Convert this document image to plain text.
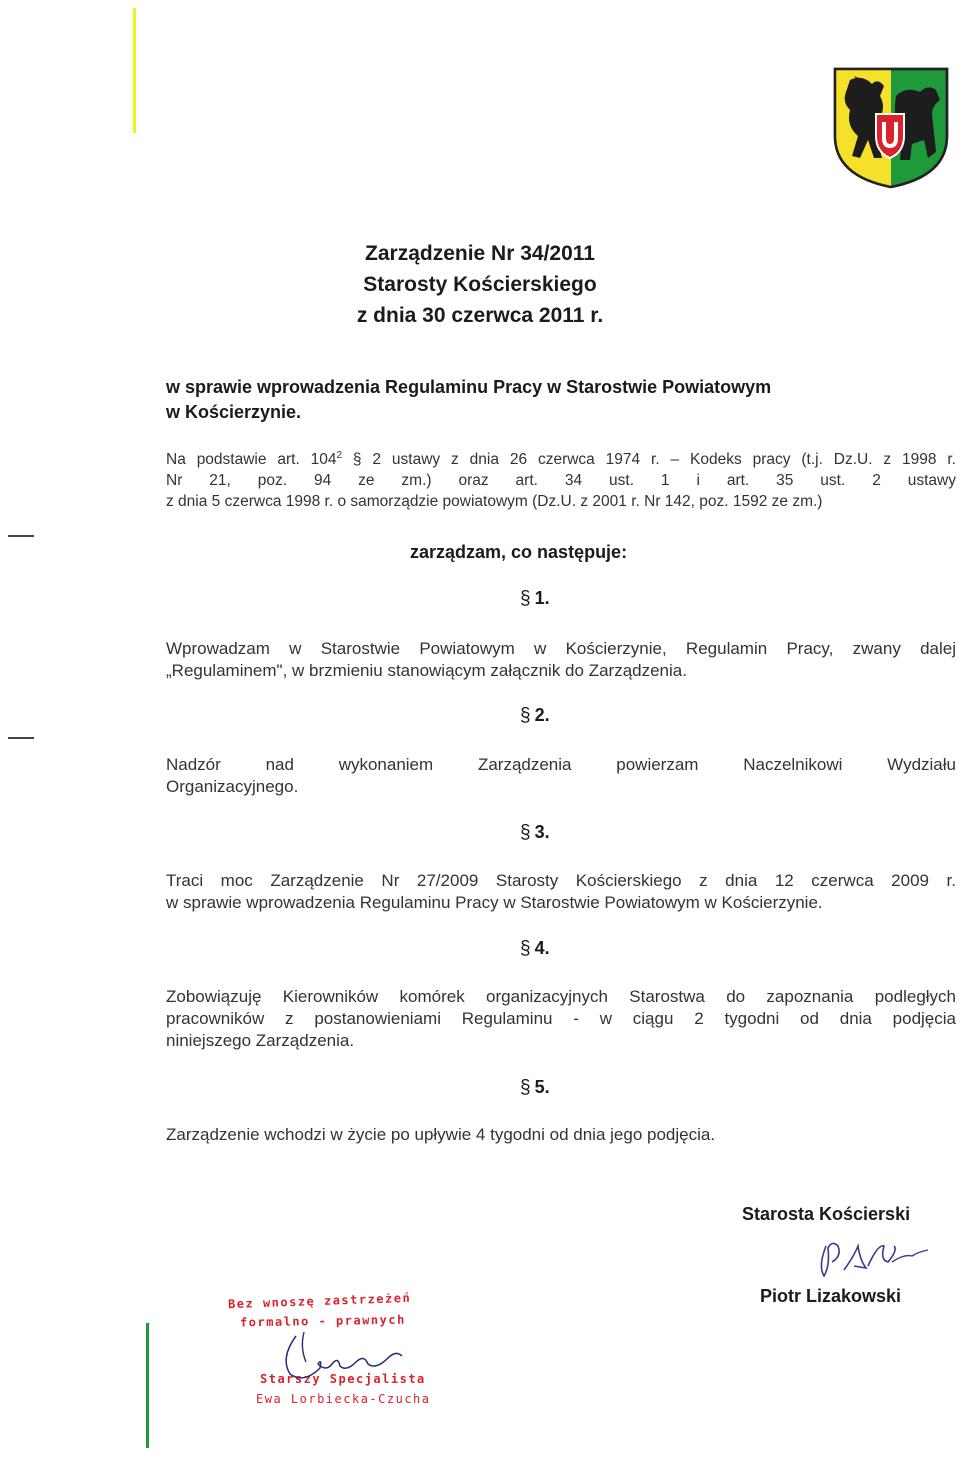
Zarządzenie Nr 34/2011
Starosty Kościerskiego
z dnia 30 czerwca 2011 r.
w sprawie wprowadzenia Regulaminu Pracy w Starostwie Powiatowym
w Kościerzynie.
Na podstawie art. $104^2$ § 2 ustawy z dnia 26 czerwca 1974 r. – Kodeks pracy (t.j. Dz.U. z 1998 r.
Nr 21, poz. 94 ze zm.) oraz art. 34 ust. 1 i art. 35 ust. 2 ustawy
z dnia 5 czerwca 1998 r. o samorządzie powiatowym (Dz.U. z 2001 r. Nr 142, poz. 1592 ze zm.)
zarządzam, co następuje:
§ 1.
Wprowadzam w Starostwie Powiatowym w Kościerzynie, Regulamin Pracy, zwany dalej
„Regulaminem", w brzmieniu stanowiącym załącznik do Zarządzenia.
§ 2.
Nadzór nad wykonaniem Zarządzenia powierzam Naczelnikowi Wydziału
Organizacyjnego.
§ 3.
Traci moc Zarządzenie Nr 27/2009 Starosty Kościerskiego z dnia 12 czerwca 2009 r.
w sprawie wprowadzenia Regulaminu Pracy w Starostwie Powiatowym w Kościerzynie.
§ 4.
Zobowiązuję Kierowników komórek organizacyjnych Starostwa do zapoznania podległych
pracowników z postanowieniami Regulaminu - w ciągu 2 tygodni od dnia podjęcia
niniejszego Zarządzenia.
§ 5.
Zarządzenie wchodzi w życie po upływie 4 tygodni od dnia jego podjęcia.
Starosta Kościerski
Piotr Lizakowski
Bez wnoszę zastrzeżeń
formalno - prawnych
Starszy Specjalista
Ewa Lorbiecka-Czucha
